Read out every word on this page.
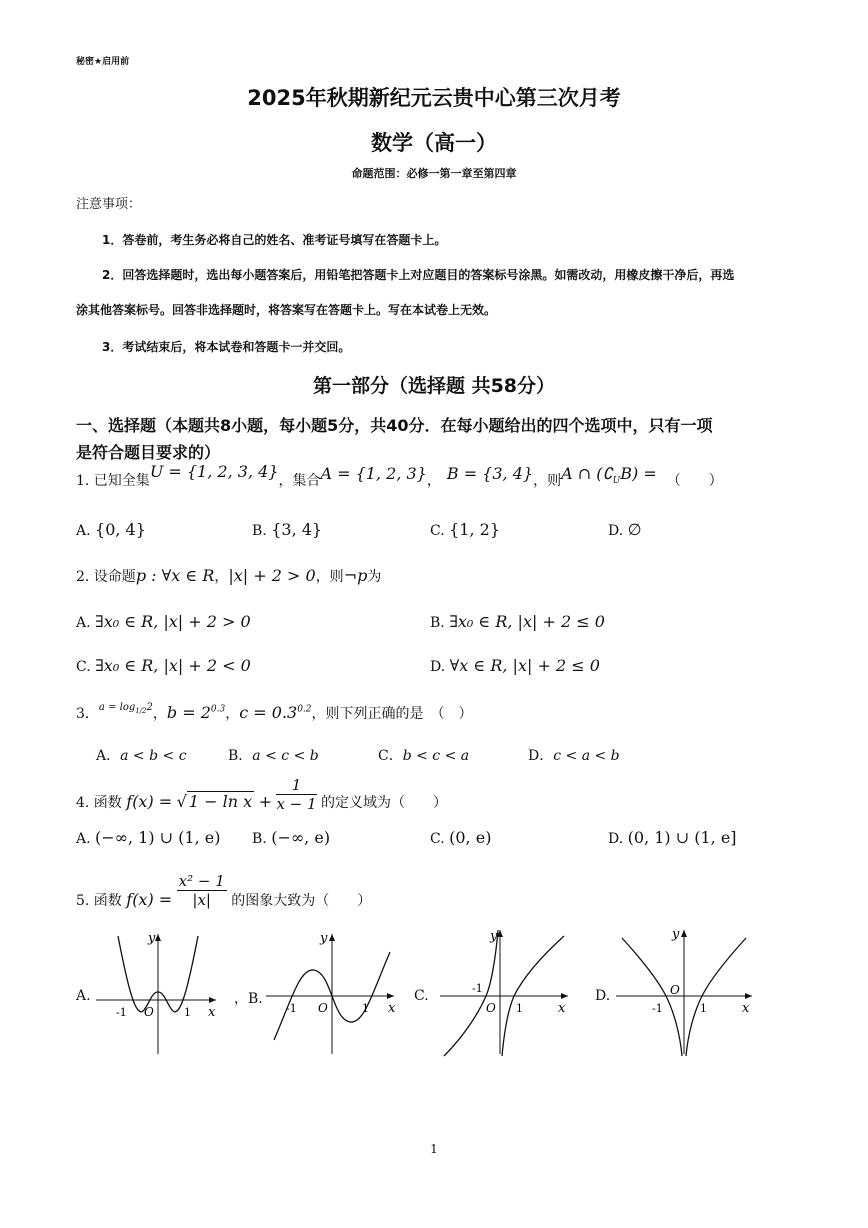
秘密★启用前
2025年秋期新纪元云贵中心第三次月考
数学（高一）
命题范围：必修一第一章至第四章
注意事项：
1．答卷前，考生务必将自己的姓名、准考证号填写在答题卡上。
2．回答选择题时，选出每小题答案后，用铅笔把答题卡上对应题目的答案标号涂黑。如需改动，用橡皮擦干净后，再选
涂其他答案标号。回答非选择题时，将答案写在答题卡上。写在本试卷上无效。
3．考试结束后，将本试卷和答题卡一并交回。
第一部分（选择题 共58分）
一、选择题（本题共8小题，每小题5分，共40分．在每小题给出的四个选项中，只有一项
是符合题目要求的）
1. 已知全集U = {1, 2, 3, 4}，集合A = {1, 2, 3}， B = {3, 4}，则A ∩ $(∁_UB)$ = （　　）
A. {0, 4}	B. {3, 4}	C. {1, 2}	D. ∅
2. 设命题p : ∀x ∈ R，|x| + 2 > 0，则¬p为
A. ∃x₀ ∈ R, |x| + 2 > 0	B. ∃x₀ ∈ R, |x| + 2 ≤ 0
C. ∃x₀ ∈ R, |x| + 2 < 0	D. ∀x ∈ R, |x| + 2 ≤ 0
3．$^{a = log_{1/2}2}$，$b = 2^{0.3}$，$c = 0.3^{0.2}$，则下列正确的是　（　）
A．a < b < c	B．a < c < b	C．b < c < a	D．c < a < b
4. 函数 f(x) = √ $1 - \ln x + \frac{1}{x - 1}$ 的定义域为（　　）
A. (−∞, 1) ∪ (1, e) B. (−∞, e)	C. (0, e)	D. (0, 1) ∪ (1, e]
5. 函数 $f(x) = \frac{\text{x² − 1}}{|x|}$ 的图象大致为（　　）
A.	，B.	C.	D.
y
x
-1 O	1
y
x
-1 O	1
y
x
-1
O 1
y
x
-1
O
1
1
